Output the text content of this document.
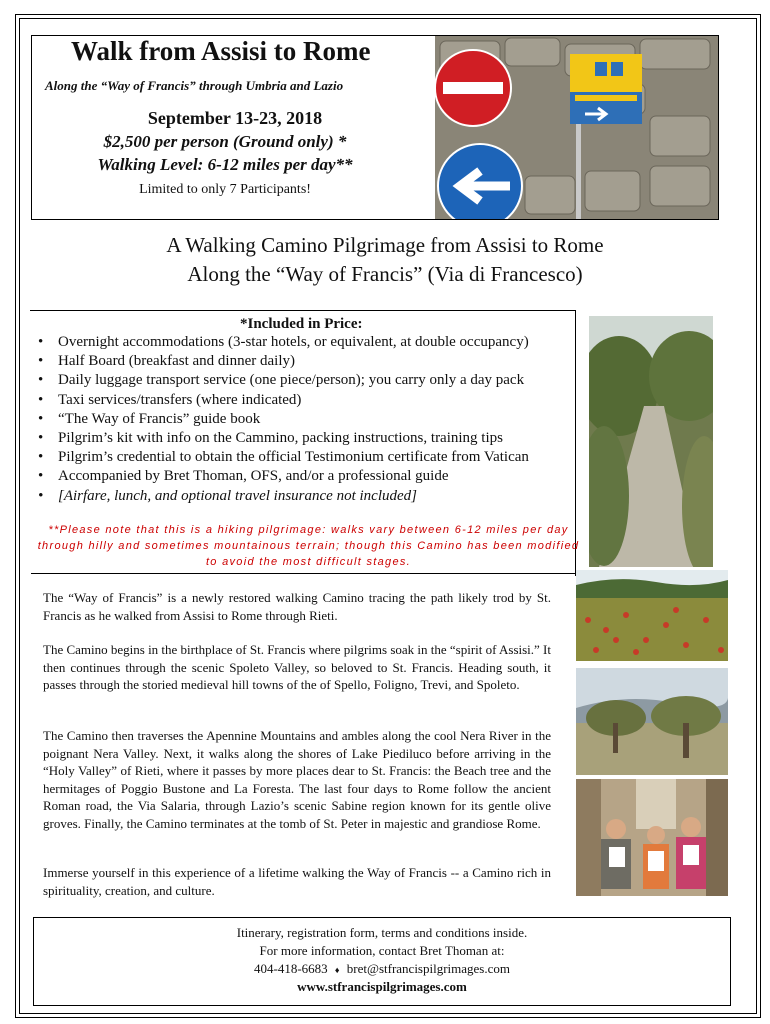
Walk from Assisi to Rome
Along the “Way of Francis” through Umbria and Lazio
September 13-23, 2018
$2,500 per person (Ground only) *
Walking Level: 6-12 miles per day**
Limited to only 7 Participants!
A Walking Camino Pilgrimage from Assisi to Rome
Along the “Way of Francis” (Via di Francesco)
*Included in Price:
• Overnight accommodations (3-star hotels, or equivalent, at double occupancy)
• Half Board (breakfast and dinner daily)
• Daily luggage transport service (one piece/person); you carry only a day pack
• Taxi services/transfers (where indicated)
• “The Way of Francis” guide book
• Pilgrim’s kit with info on the Cammino, packing instructions, training tips
• Pilgrim’s credential to obtain the official Testimonium certificate from Vatican
• Accompanied by Bret Thoman, OFS, and/or a professional guide
• [Airfare, lunch, and optional travel insurance not included]
**Please note that this is a hiking pilgrimage: walks vary between 6-12 miles per day through hilly and sometimes mountainous terrain; though this Camino has been modified to avoid the most difficult stages.
The “Way of Francis” is a newly restored walking Camino tracing the path likely trod by St. Francis as he walked from Assisi to Rome through Rieti.
The Camino begins in the birthplace of St. Francis where pilgrims soak in the “spirit of Assisi.” It then continues through the scenic Spoleto Valley, so beloved to St. Francis. Heading south, it passes through the storied medieval hill towns of the of Spello, Foligno, Trevi, and Spoleto.
The Camino then traverses the Apennine Mountains and ambles along the cool Nera River in the poignant Nera Valley. Next, it walks along the shores of Lake Piediluco before arriving in the “Holy Valley” of Rieti, where it passes by more places dear to St. Francis: the Beach tree and the hermitages of Poggio Bustone and La Foresta. The last four days to Rome follow the ancient Roman road, the Via Salaria, through Lazio’s scenic Sabine region known for its gentle olive groves. Finally, the Camino terminates at the tomb of St. Peter in majestic and grandiose Rome.
Immerse yourself in this experience of a lifetime walking the Way of Francis -- a Camino rich in spirituality, creation, and culture.
Itinerary, registration form, terms and conditions inside.
For more information, contact Bret Thoman at:
404-418-6683 ♦ bret@stfrancispilgrimages.com
www.stfrancispilgrimages.com
